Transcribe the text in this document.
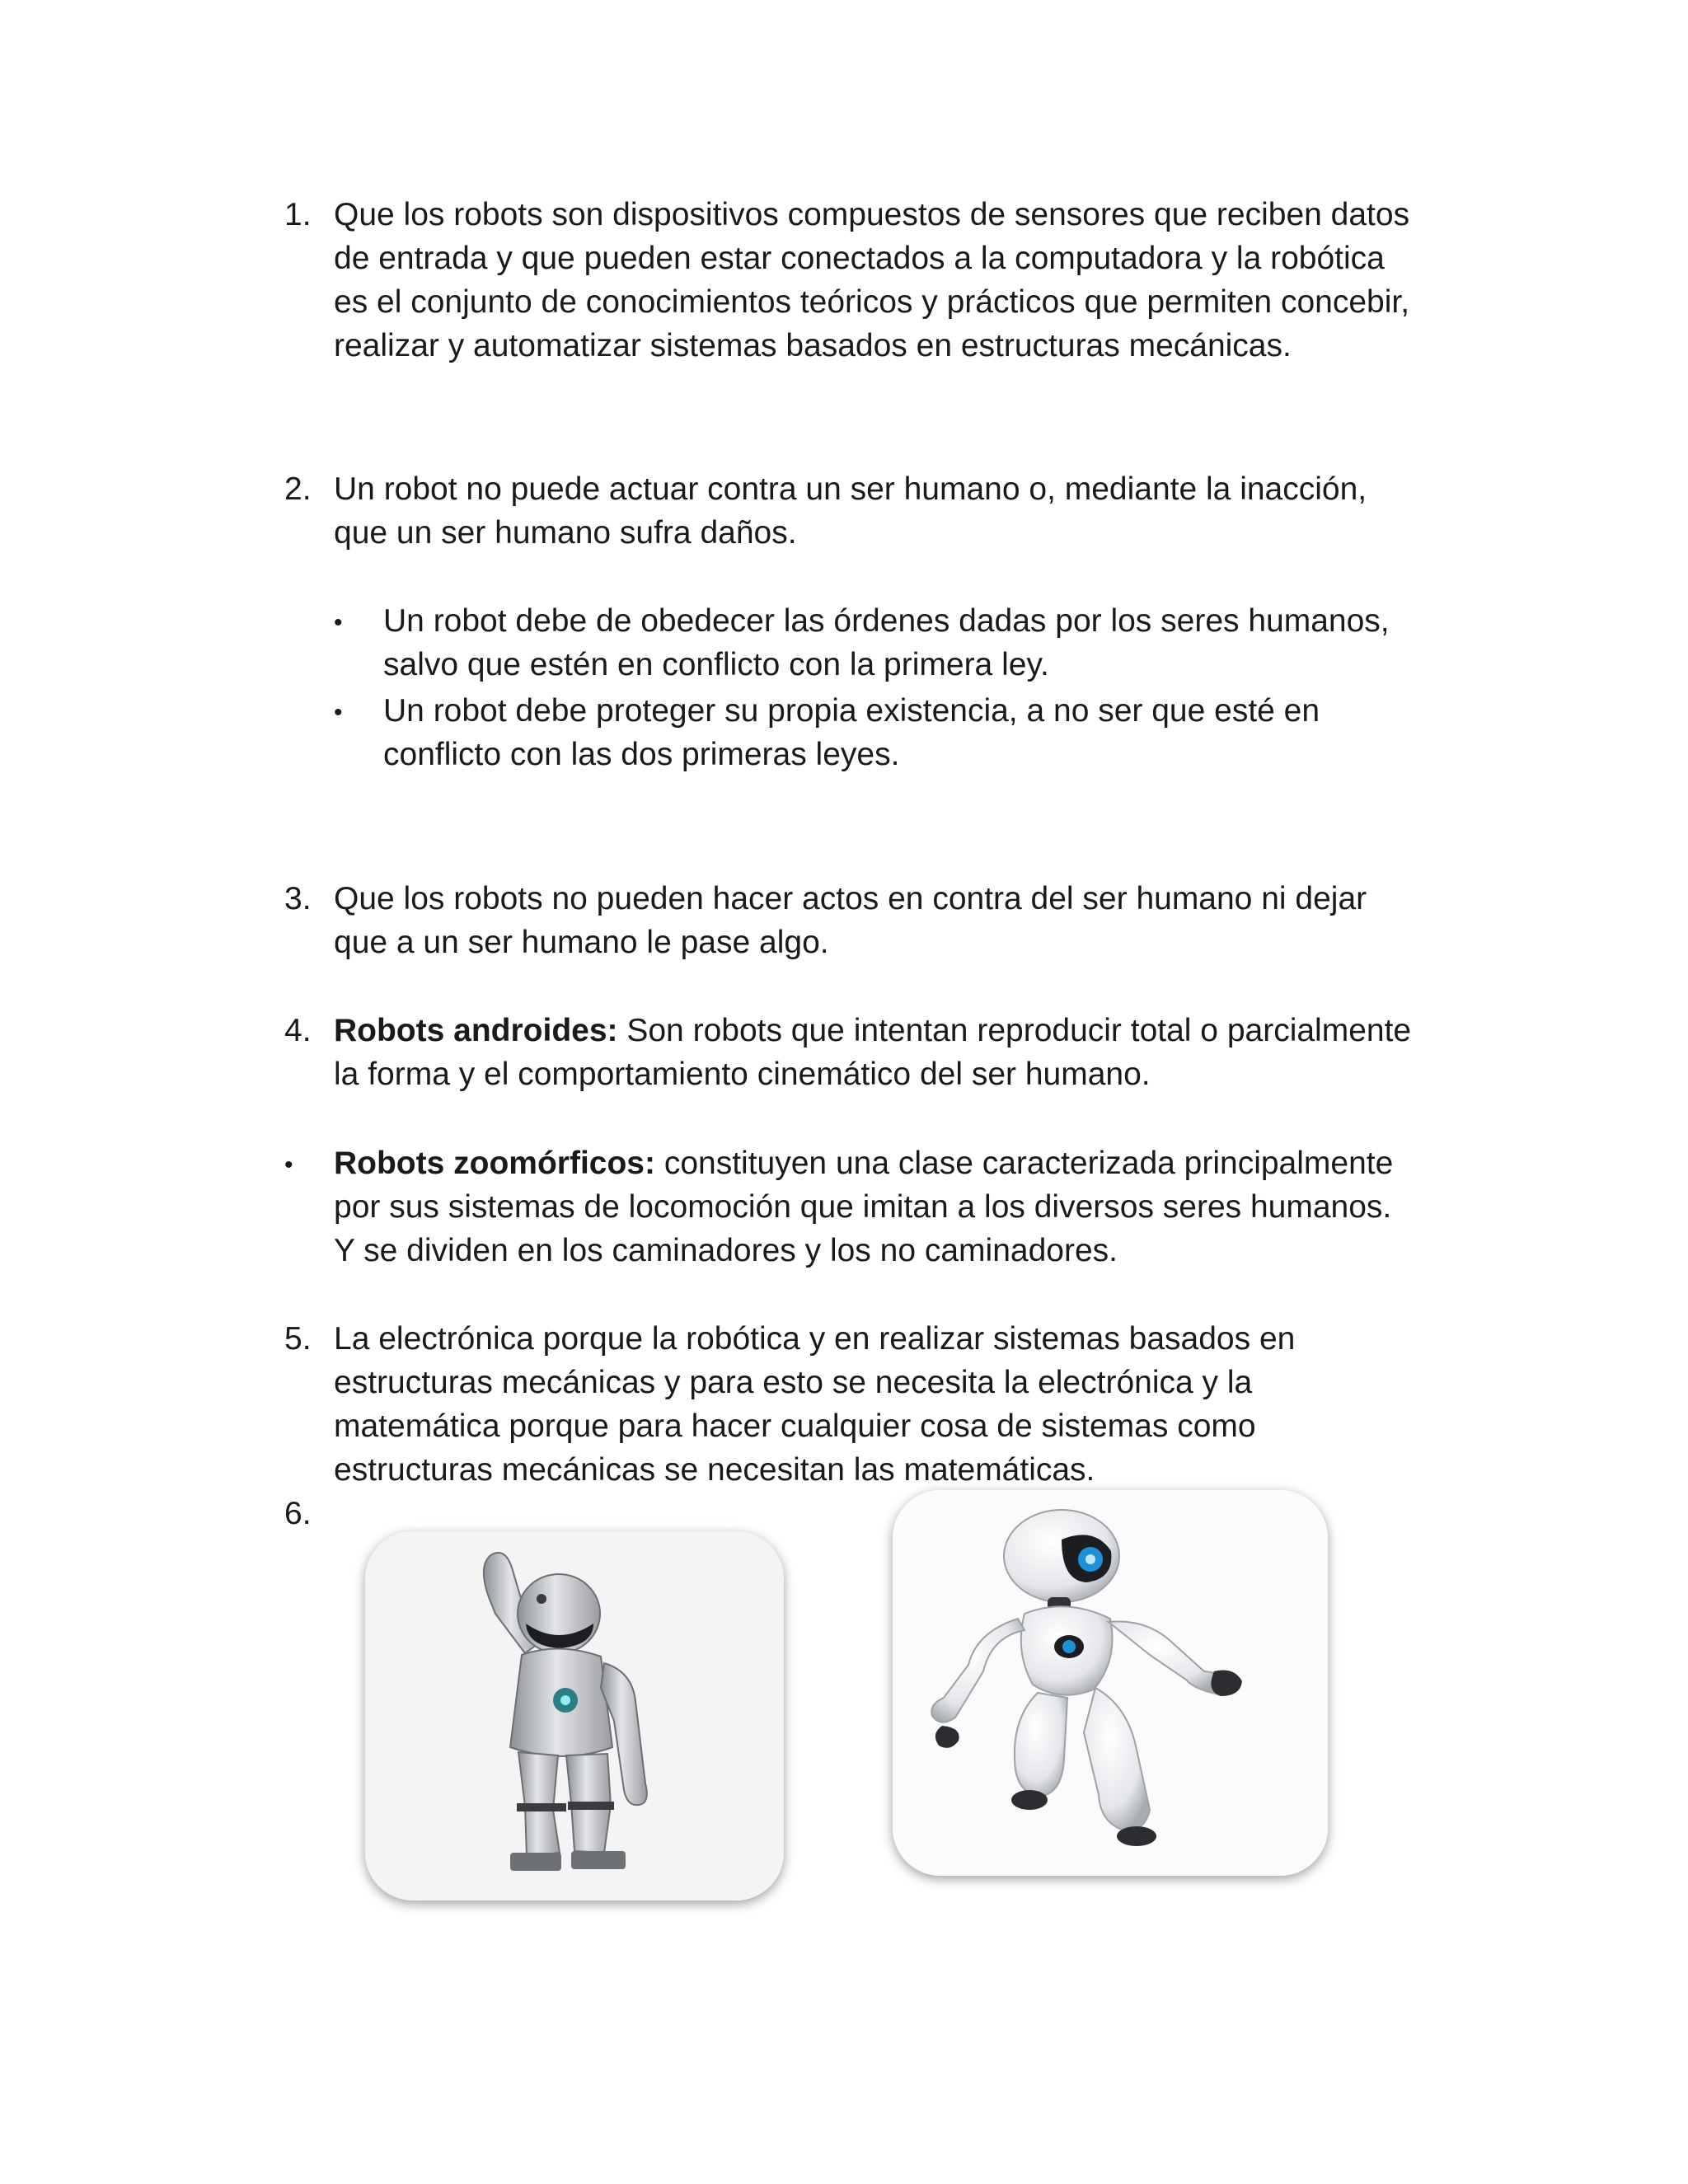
1. Que los robots son dispositivos compuestos de sensores que reciben datos
de entrada y que pueden estar conectados a la computadora y la robótica
es el conjunto de conocimientos teóricos y prácticos que permiten concebir,
realizar y automatizar sistemas basados en estructuras mecánicas.
2. Un robot no puede actuar contra un ser humano o, mediante la inacción,
que un ser humano sufra daños.
• Un robot debe de obedecer las órdenes dadas por los seres humanos,
salvo que estén en conflicto con la primera ley.
• Un robot debe proteger su propia existencia, a no ser que esté en
conflicto con las dos primeras leyes.
3. Que los robots no pueden hacer actos en contra del ser humano ni dejar
que a un ser humano le pase algo.
4. Robots androides: Son robots que intentan reproducir total o parcialmente
la forma y el comportamiento cinemático del ser humano.
• Robots zoomórficos: constituyen una clase caracterizada principalmente
por sus sistemas de locomoción que imitan a los diversos seres humanos.
Y se dividen en los caminadores y los no caminadores.
5. La electrónica porque la robótica y en realizar sistemas basados en
estructuras mecánicas y para esto se necesita la electrónica y la
matemática porque para hacer cualquier cosa de sistemas como
estructuras mecánicas se necesitan las matemáticas.
6.
